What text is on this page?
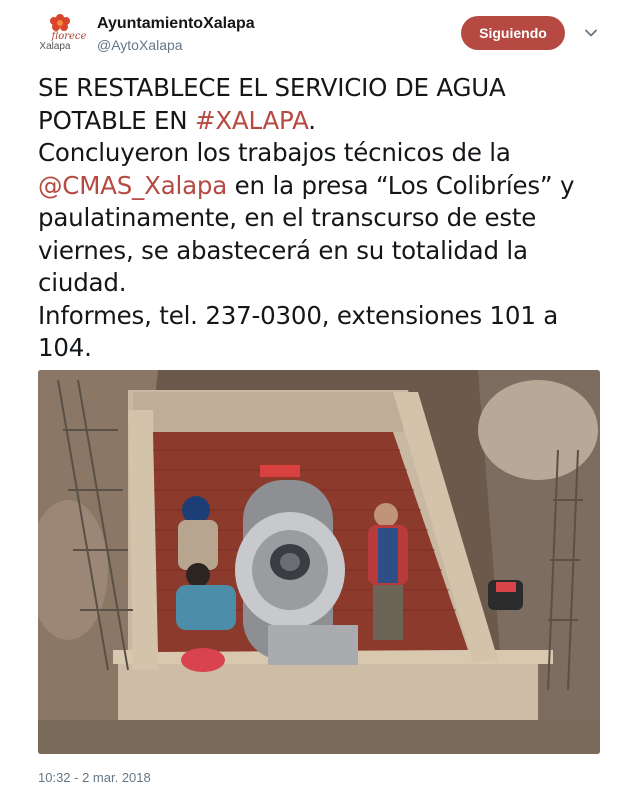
florece
Xalapa
AyuntamientoXalapa
@AytoXalapa
Siguiendo

SE RESTABLECE EL SERVICIO DE AGUA POTABLE EN #XALAPA.

Concluyeron los trabajos técnicos de la @CMAS_Xalapa en la presa “Los Colibríes” y paulatinamente, en el transcurso de este viernes, se abastecerá en su totalidad la ciudad.

Informes, tel. 237-0300, extensiones 101 a 104.

10:32 - 2 mar. 2018
